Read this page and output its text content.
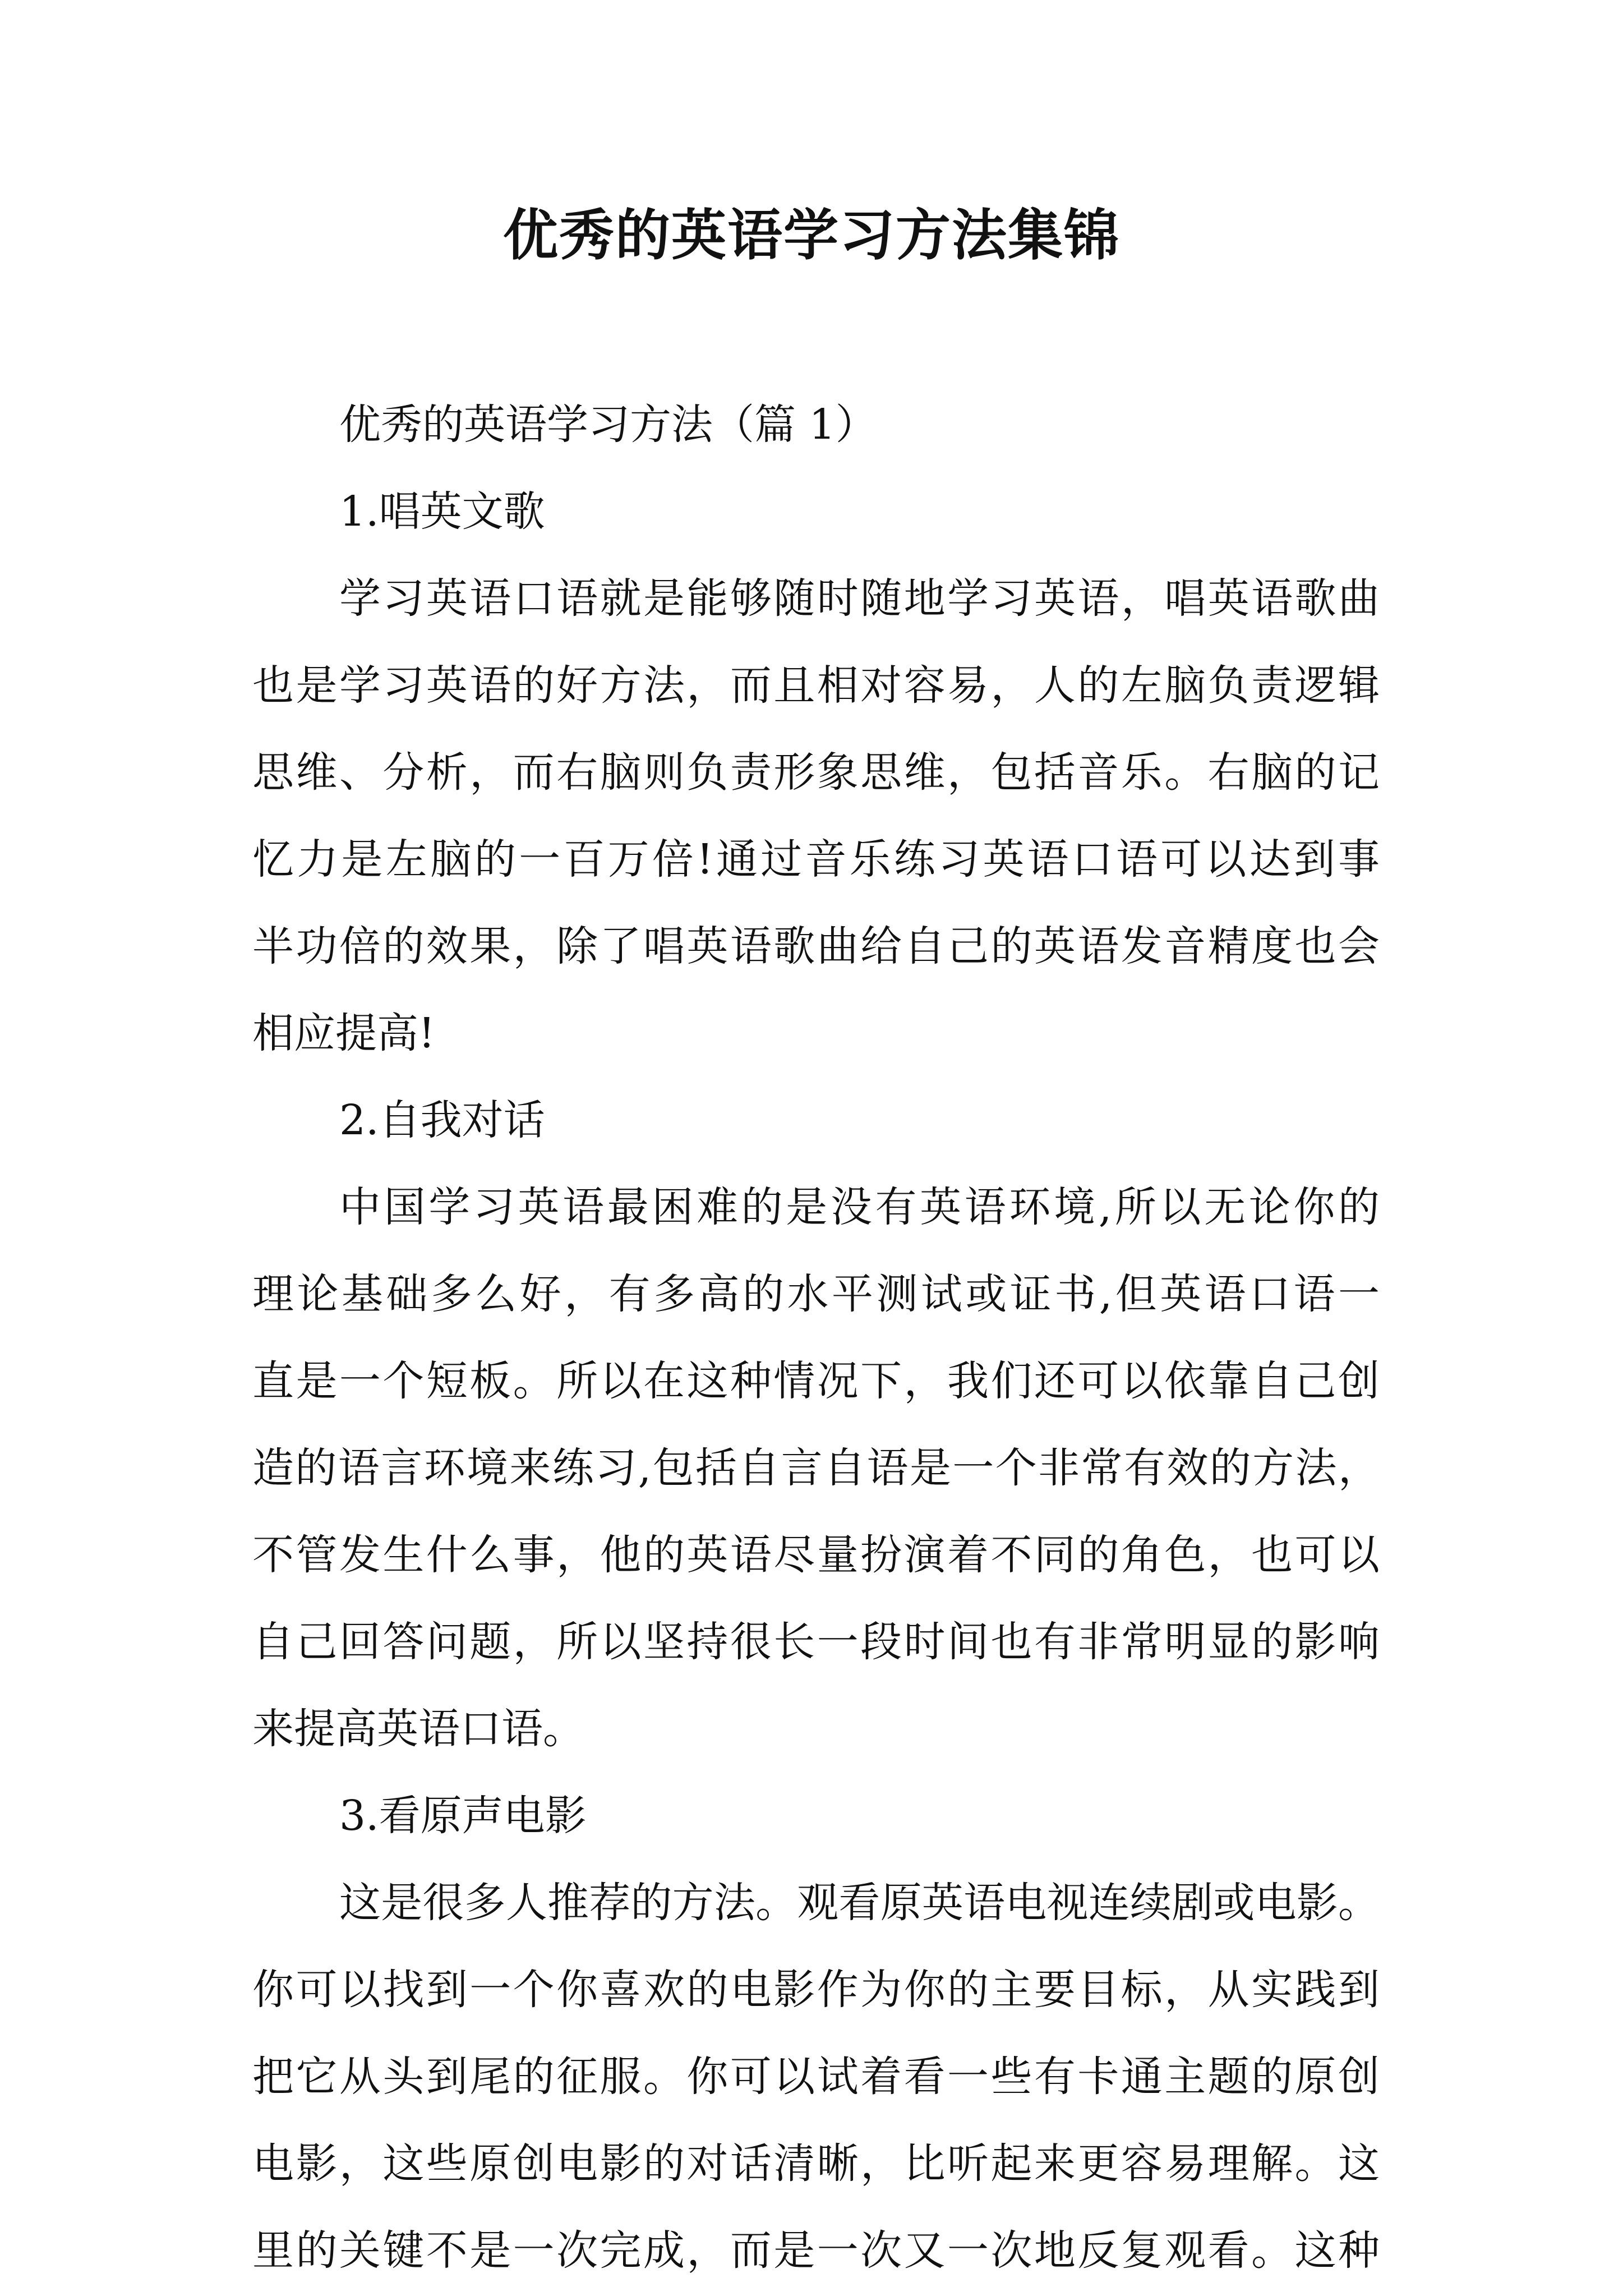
优秀的英语学习方法集锦
优秀的英语学习方法（篇 1）
1.唱英文歌
学习英语口语就是能够随时随地学习英语，唱英语歌曲
也是学习英语的好方法，而且相对容易，人的左脑负责逻辑
思维、分析，而右脑则负责形象思维，包括音乐。右脑的记
忆力是左脑的一百万倍!通过音乐练习英语口语可以达到事
半功倍的效果，除了唱英语歌曲给自己的英语发音精度也会
相应提高!
2.自我对话
中国学习英语最困难的是没有英语环境,所以无论你的
理论基础多么好，有多高的水平测试或证书,但英语口语一
直是一个短板。所以在这种情况下，我们还可以依靠自己创
造的语言环境来练习,包括自言自语是一个非常有效的方法，
不管发生什么事，他的英语尽量扮演着不同的角色，也可以
自己回答问题，所以坚持很长一段时间也有非常明显的影响
来提高英语口语。
3.看原声电影
这是很多人推荐的方法。观看原英语电视连续剧或电影。
你可以找到一个你喜欢的电影作为你的主要目标，从实践到
把它从头到尾的征服。你可以试着看一些有卡通主题的原创
电影，这些原创电影的对话清晰，比听起来更容易理解。这
里的关键不是一次完成，而是一次又一次地反复观看。这种
